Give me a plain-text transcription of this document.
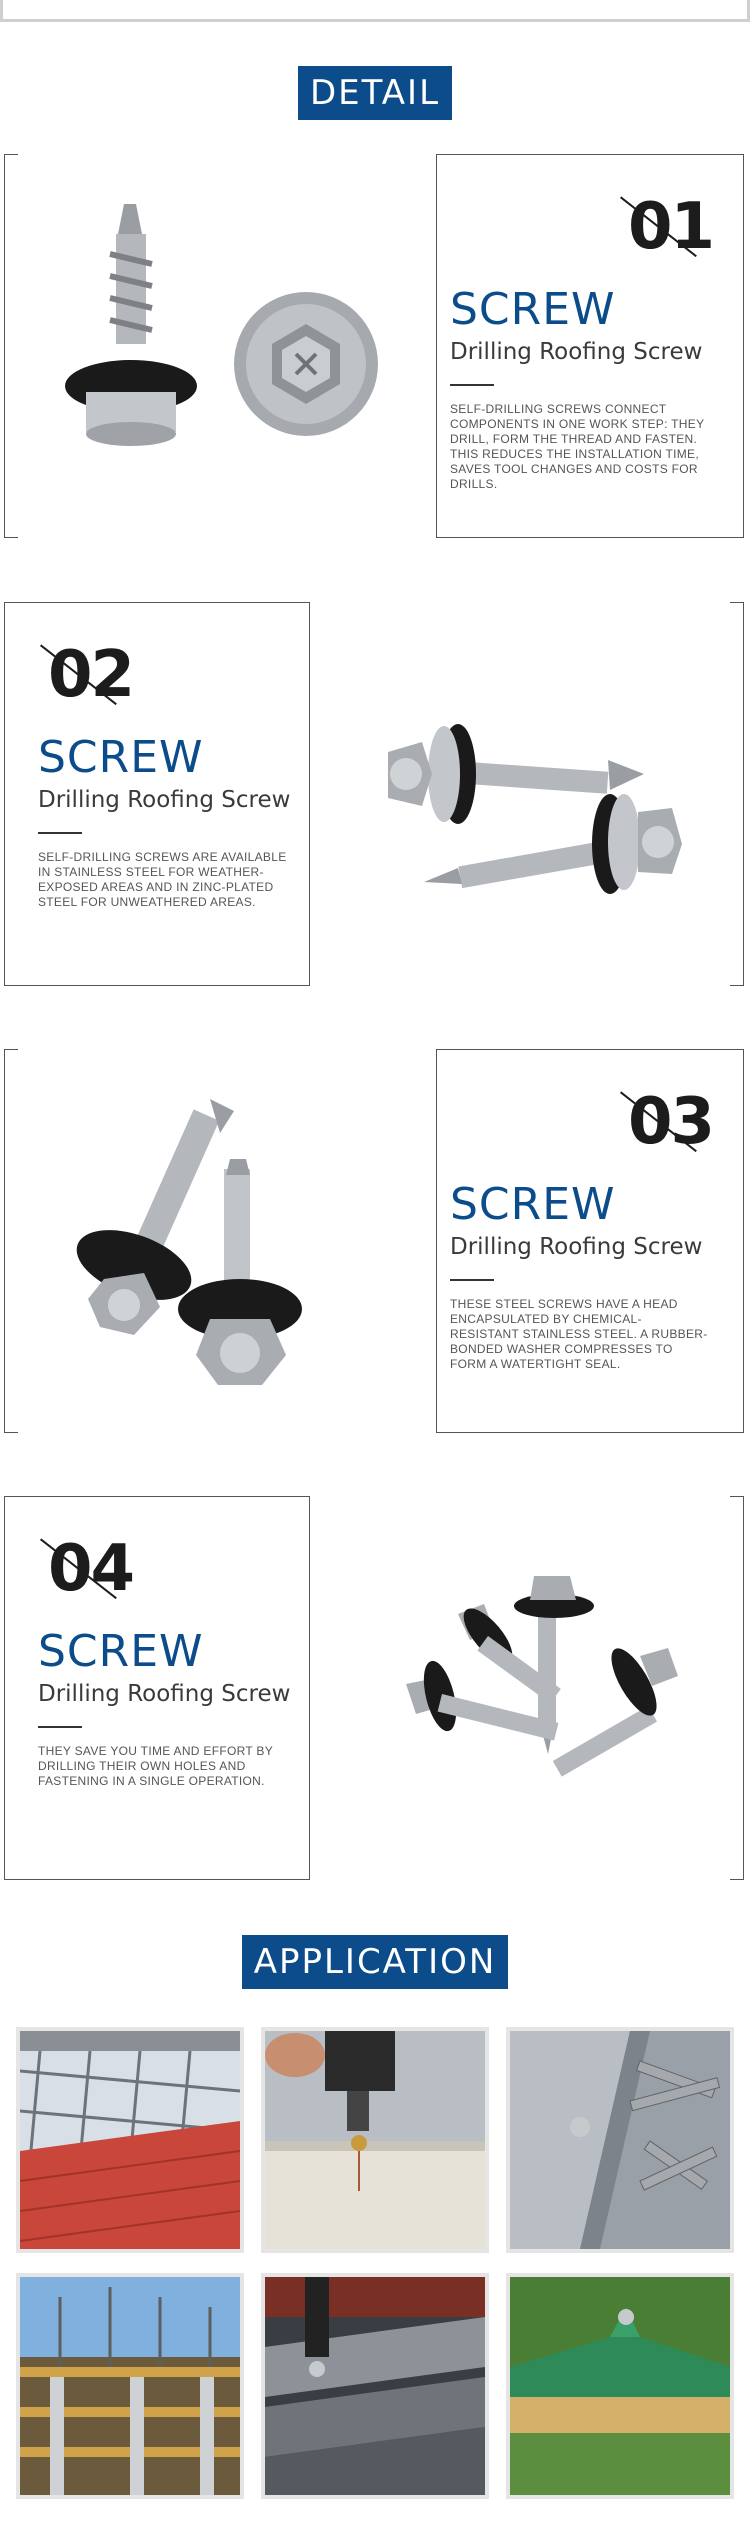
DETAIL
01
SCREW
Drilling Roofing Screw
SELF-DRILLING SCREWS CONNECT COMPONENTS IN ONE WORK STEP: THEY DRILL, FORM THE THREAD AND FASTEN. THIS REDUCES THE INSTALLATION TIME, SAVES TOOL CHANGES AND COSTS FOR DRILLS.
02
SCREW
Drilling Roofing Screw
SELF-DRILLING SCREWS ARE AVAILABLE IN STAINLESS STEEL FOR WEATHER-EXPOSED AREAS AND IN ZINC-PLATED STEEL FOR UNWEATHERED AREAS.
03
SCREW
Drilling Roofing Screw
THESE STEEL SCREWS HAVE A HEAD ENCAPSULATED BY CHEMICAL-RESISTANT STAINLESS STEEL. A RUBBER-BONDED WASHER COMPRESSES TO FORM A WATERTIGHT SEAL.
04
SCREW
Drilling Roofing Screw
THEY SAVE YOU TIME AND EFFORT BY DRILLING THEIR OWN HOLES AND FASTENING IN A SINGLE OPERATION.
APPLICATION
